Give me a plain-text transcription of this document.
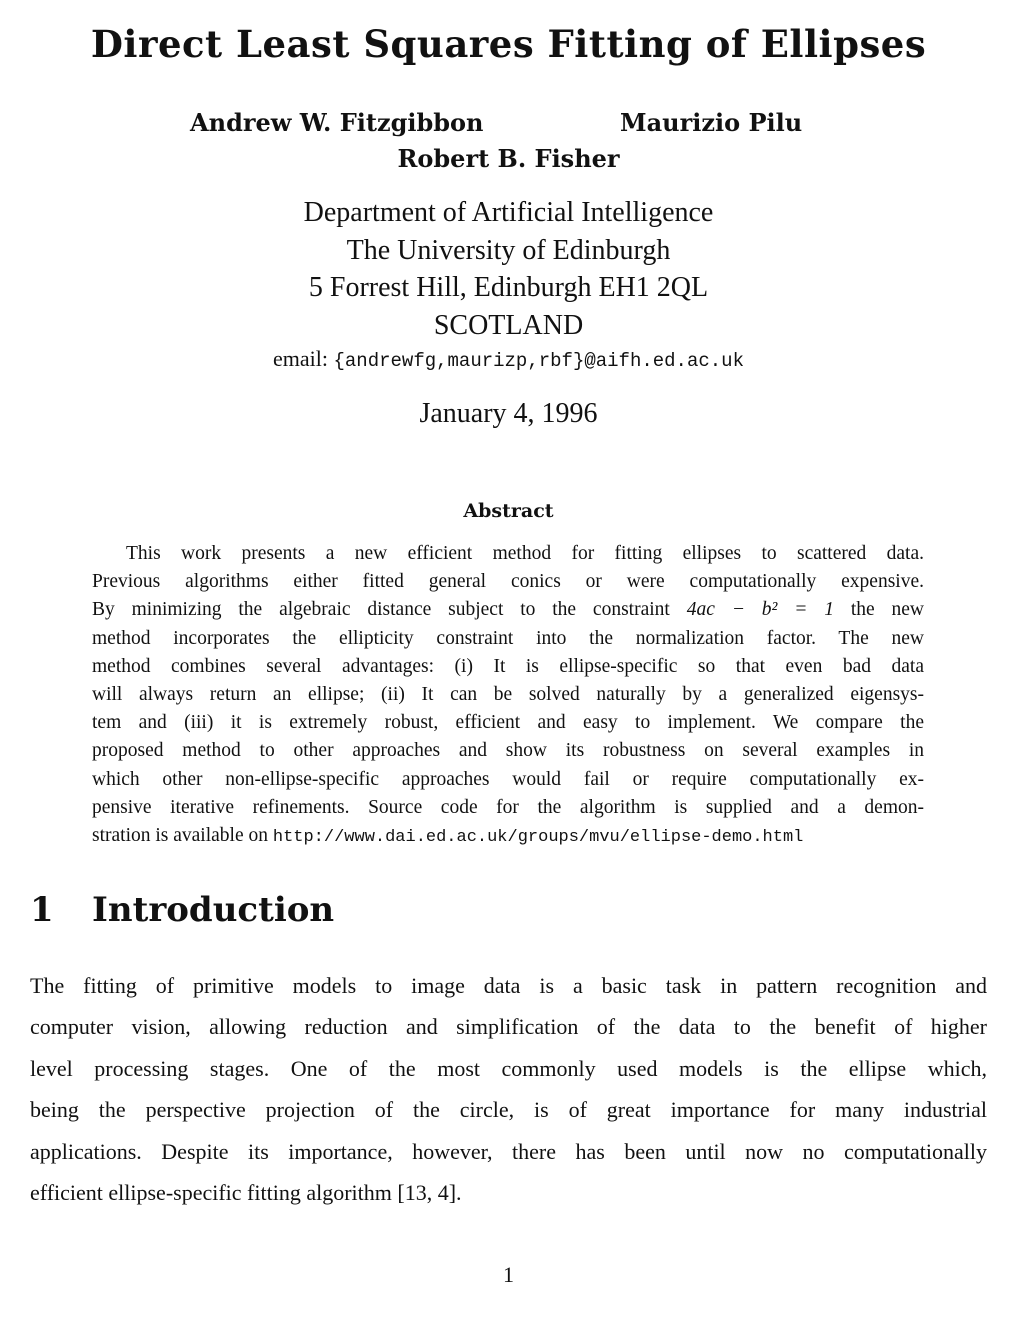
Direct Least Squares Fitting of Ellipses
Andrew W. Fitzgibbon	Maurizio Pilu
Robert B. Fisher
Department of Artificial Intelligence
The University of Edinburgh
5 Forrest Hill, Edinburgh EH1 2QL
SCOTLAND
email: {andrewfg,maurizp,rbf}@aifh.ed.ac.uk
January 4, 1996
Abstract
This work presents a new efficient method for fitting ellipses to scattered data.
Previous algorithms either fitted general conics or were computationally expensive.
By minimizing the algebraic distance subject to the constraint 4ac − b² = 1 the new
method incorporates the ellipticity constraint into the normalization factor. The new
method combines several advantages: (i) It is ellipse-specific so that even bad data
will always return an ellipse; (ii) It can be solved naturally by a generalized eigensys-
tem and (iii) it is extremely robust, efficient and easy to implement. We compare the
proposed method to other approaches and show its robustness on several examples in
which other non-ellipse-specific approaches would fail or require computationally ex-
pensive iterative refinements. Source code for the algorithm is supplied and a demon-
stration is available on http://www.dai.ed.ac.uk/groups/mvu/ellipse-demo.html
1 Introduction
The fitting of primitive models to image data is a basic task in pattern recognition and
computer vision, allowing reduction and simplification of the data to the benefit of higher
level processing stages. One of the most commonly used models is the ellipse which,
being the perspective projection of the circle, is of great importance for many industrial
applications. Despite its importance, however, there has been until now no computationally
efficient ellipse-specific fitting algorithm [13, 4].
1
